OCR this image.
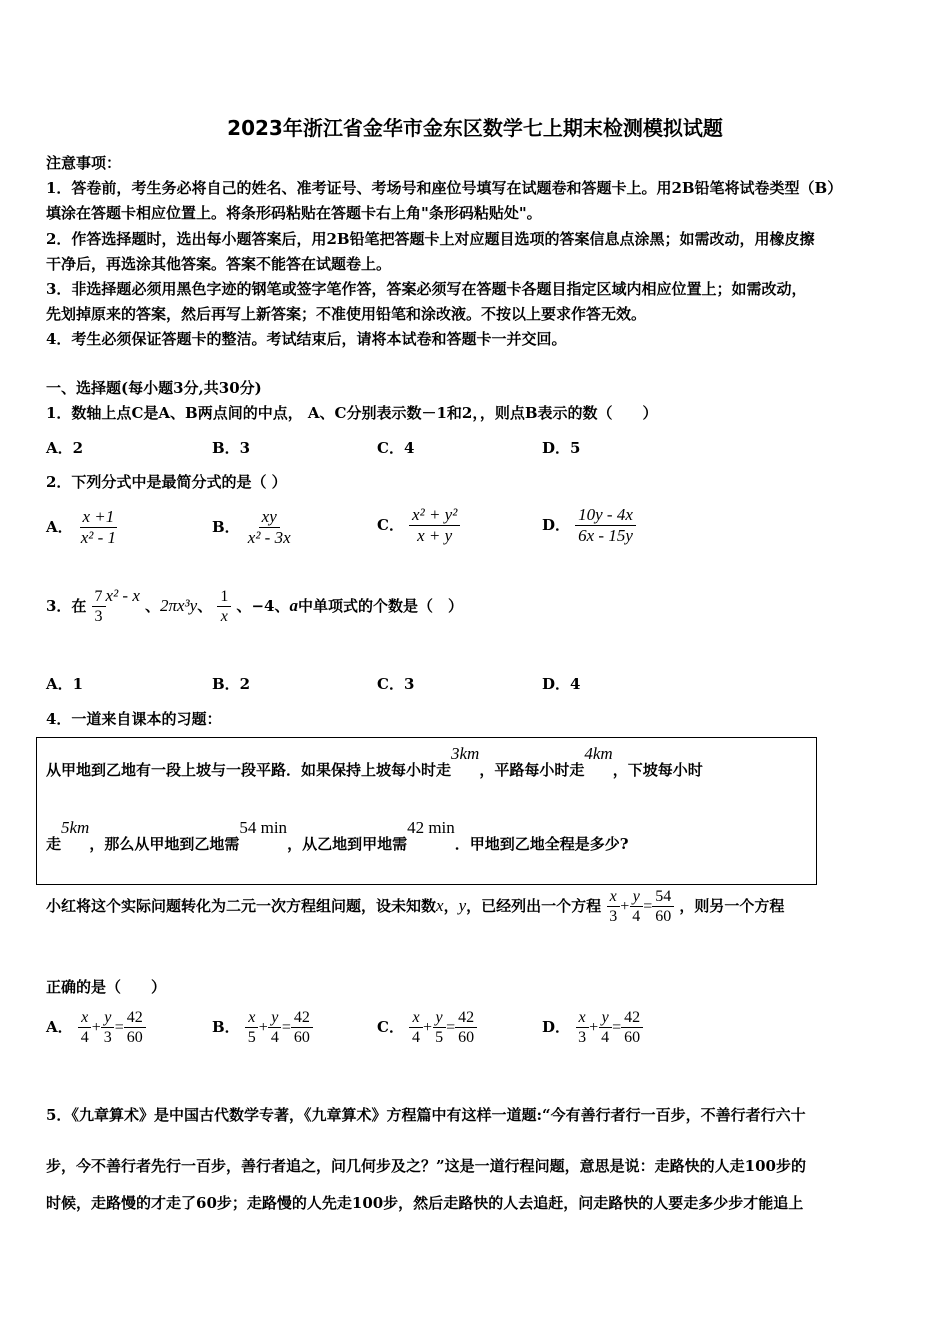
2023年浙江省金华市金东区数学七上期末检测模拟试题
注意事项：
1．答卷前，考生务必将自己的姓名、准考证号、考场号和座位号填写在试题卷和答题卡上。用2B铅笔将试卷类型（B）
填涂在答题卡相应位置上。将条形码粘贴在答题卡右上角"条形码粘贴处"。
2．作答选择题时，选出每小题答案后，用2B铅笔把答题卡上对应题目选项的答案信息点涂黑；如需改动，用橡皮擦
干净后，再选涂其他答案。答案不能答在试题卷上。
3．非选择题必须用黑色字迹的钢笔或签字笔作答，答案必须写在答题卡各题目指定区域内相应位置上；如需改动，
先划掉原来的答案，然后再写上新答案；不准使用铅笔和涂改液。不按以上要求作答无效。
4．考生必须保证答题卡的整洁。考试结束后，请将本试卷和答题卡一并交回。
一、选择题(每小题3分,共30分)
1．数轴上点C是A、B两点间的中点， A、C分别表示数－1和2，，则点B表示的数（　　）
A．2	B．3	C．4	D．5
2．下列分式中是最简分式的是（ ）
A． $\frac{x +1}{\text{x² - 1}}$	B． $\frac{xy}{\text{x² - 3x}}$	C． $\frac{\text{x² + y²}}{x + y}$	D． $\frac{10y - 4x}{6x - 15y}$
3．在 $\frac{7}{3} x^2$ - x 、2πx³y、 $\frac{1}{x}$ 、−4、a中单项式的个数是（　）
A．1	B．2	C．3	D．4
4．一道来自课本的习题：
从甲地到乙地有一段上坡与一段平路．如果保持上坡每小时走3km，平路每小时走4km，下坡每小时
走5km，那么从甲地到乙地需54 min，从乙地到甲地需42 min．甲地到乙地全程是多少?
小红将这个实际问题转化为二元一次方程组问题，设未知数x，y，已经列出一个方程 $\frac{x}{3} + \frac{y}{4} = \frac{54}{60}$ ，则另一个方程
正确的是（　　）
A． $\frac{x}{4} + \frac{y}{3} = \frac{42}{60}$	B． $\frac{x}{5} + \frac{y}{4} = \frac{42}{60}$	C． $\frac{x}{4} + \frac{y}{5} = \frac{42}{60}$	D． $\frac{x}{3} + \frac{y}{4} = \frac{42}{60}$
5．《九章算术》是中国古代数学专著，《九章算术》方程篇中有这样一道题:“今有善行者行一百步，不善行者行六十
步，今不善行者先行一百步，善行者追之，问几何步及之？”这是一道行程问题，意思是说：走路快的人走100步的
时候，走路慢的才走了60步；走路慢的人先走100步，然后走路快的人去追赶，问走路快的人要走多少步才能追上
